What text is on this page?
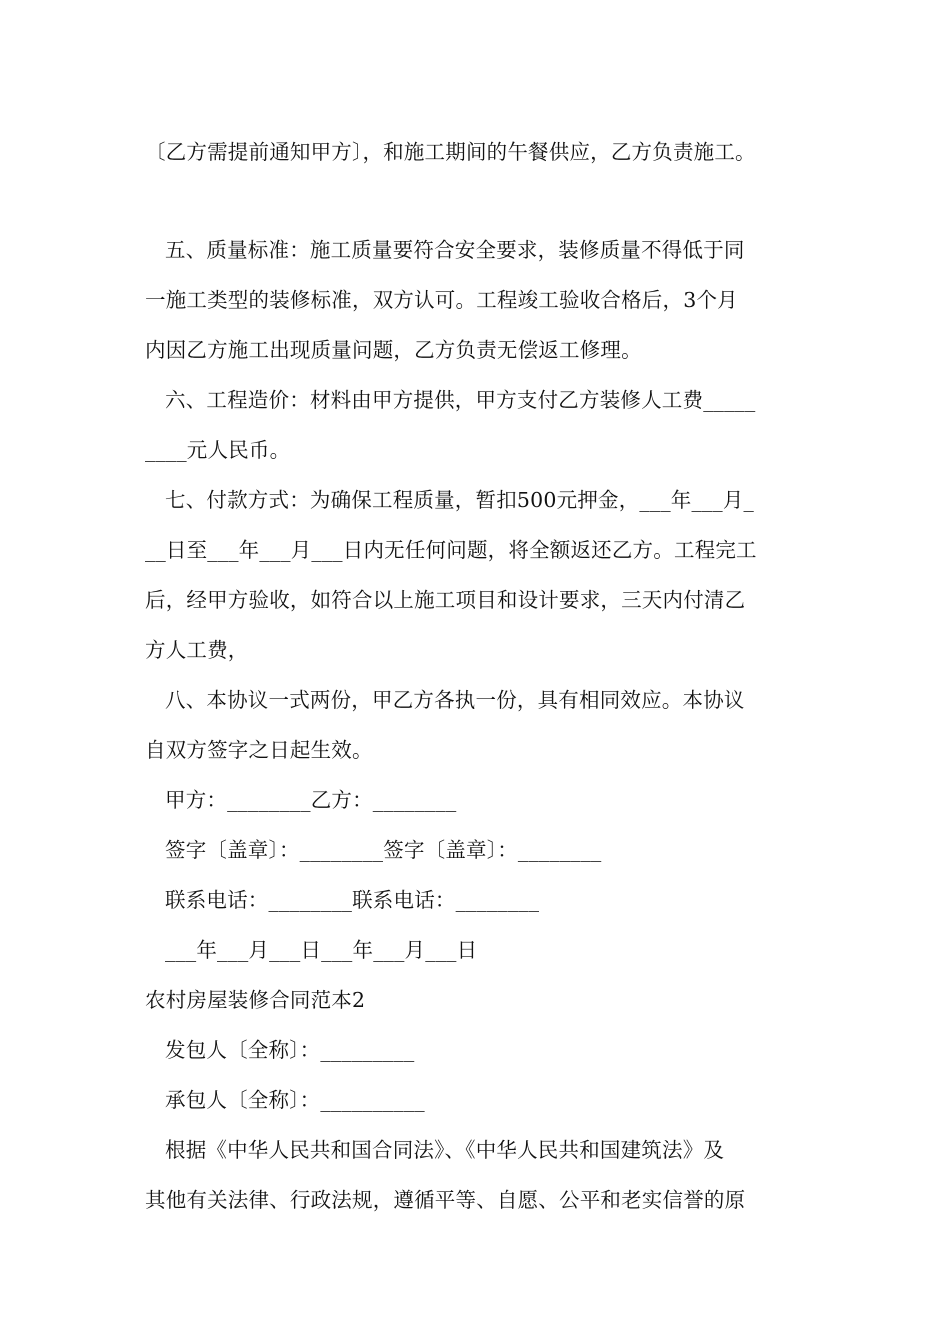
〔乙方需提前通知甲方〕，和施工期间的午餐供应，乙方负责施工。
五、质量标准：施工质量要符合安全要求，装修质量不得低于同
一施工类型的装修标准，双方认可。工程竣工验收合格后，3个月
内因乙方施工出现质量问题，乙方负责无偿返工修理。
六、工程造价：材料由甲方提供，甲方支付乙方装修人工费_____
____元人民币。
七、付款方式：为确保工程质量，暂扣500元押金，___年___月_
__日至___年___月___日内无任何问题，将全额返还乙方。工程完工
后，经甲方验收，如符合以上施工项目和设计要求，三天内付清乙
方人工费，
八、本协议一式两份，甲乙方各执一份，具有相同效应。本协议
自双方签字之日起生效。
甲方：________乙方：________
签字〔盖章〕：________签字〔盖章〕：________
联系电话：________联系电话：________
___年___月___日___年___月___日
农村房屋装修合同范本2
发包人〔全称〕：_________
承包人〔全称〕：__________
根据《中华人民共和国合同法》、《中华人民共和国建筑法》及
其他有关法律、行政法规，遵循平等、自愿、公平和老实信誉的原
